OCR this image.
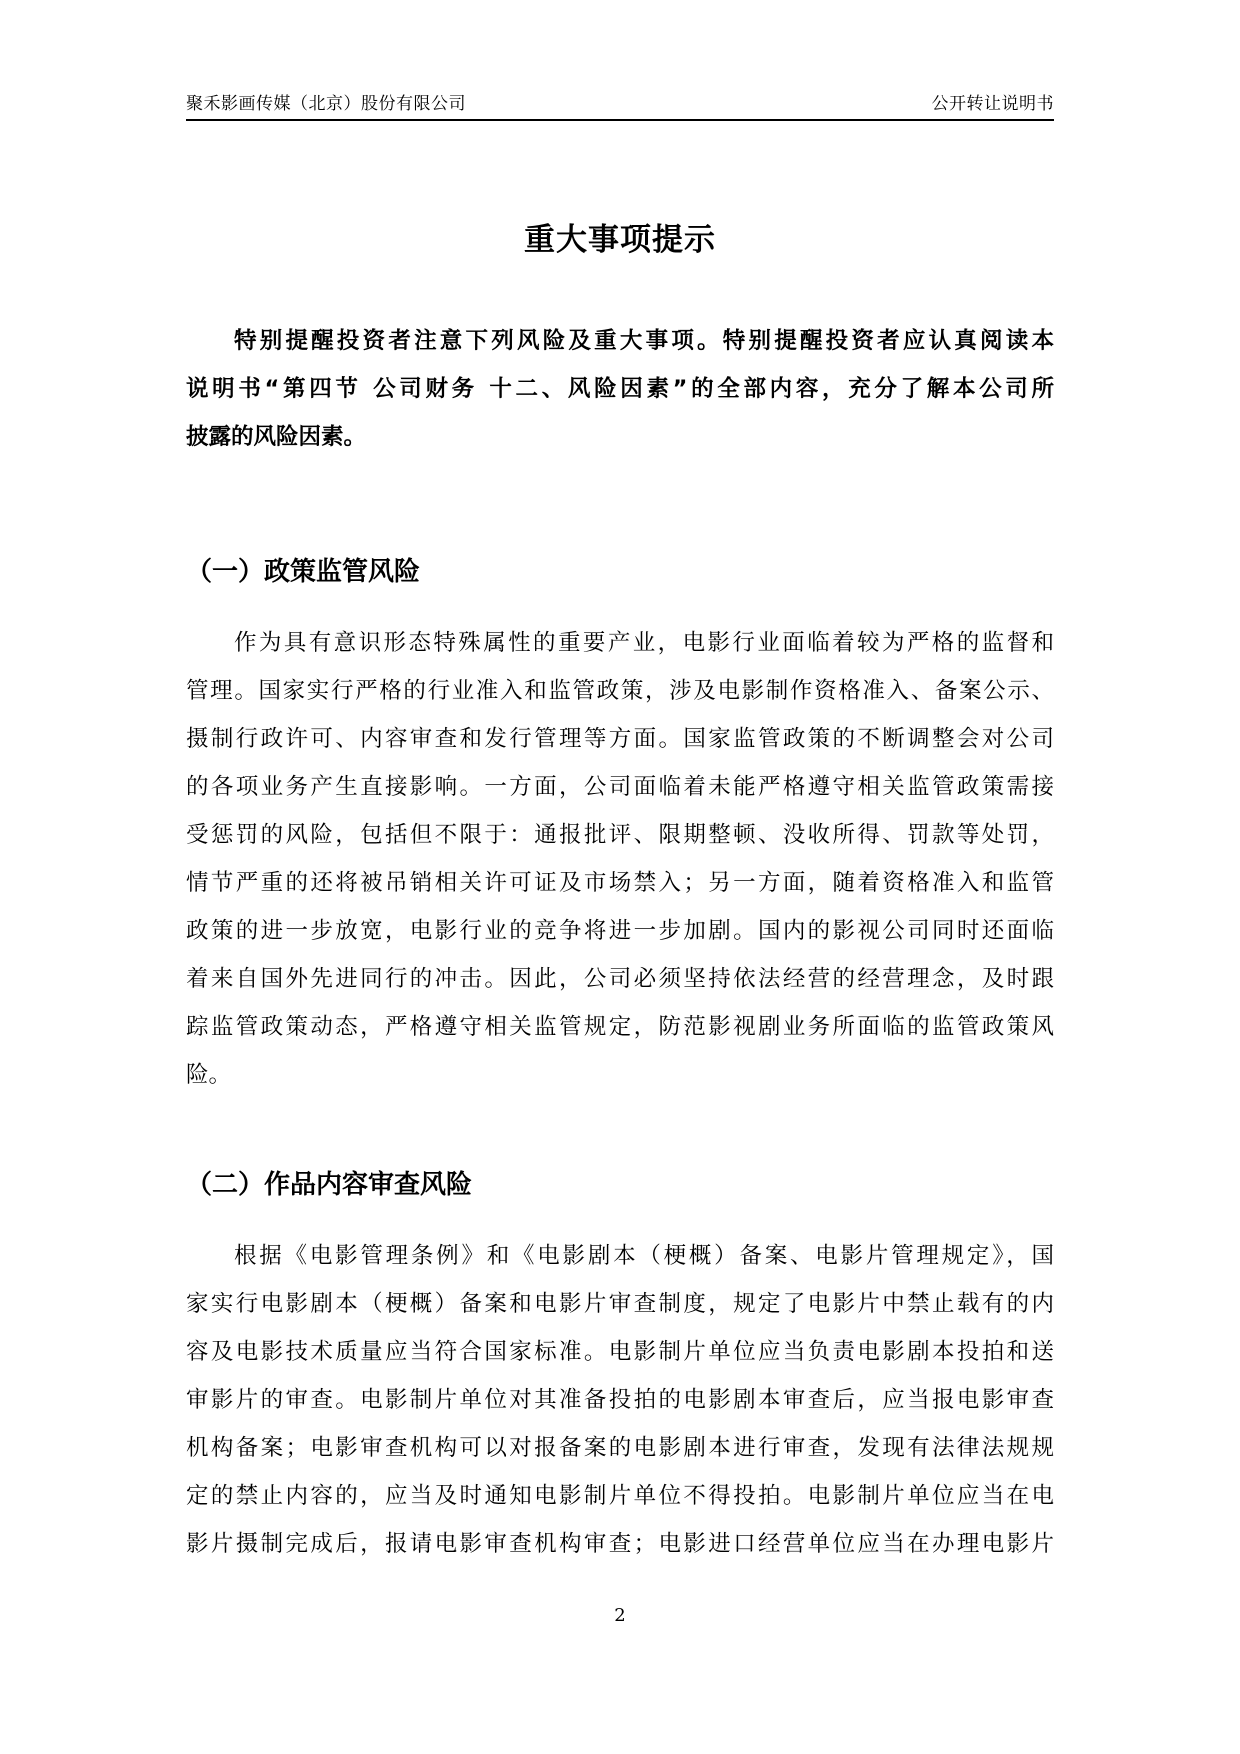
聚禾影画传媒（北京）股份有限公司	公开转让说明书
重大事项提示

特别提醒投资者注意下列风险及重大事项。特别提醒投资者应认真阅读本
说明书“第四节 公司财务 十二、风险因素”的全部内容，充分了解本公司所
披露的风险因素。

（一）政策监管风险

作为具有意识形态特殊属性的重要产业，电影行业面临着较为严格的监督和
管理。国家实行严格的行业准入和监管政策，涉及电影制作资格准入、备案公示、
摄制行政许可、内容审查和发行管理等方面。国家监管政策的不断调整会对公司
的各项业务产生直接影响。一方面，公司面临着未能严格遵守相关监管政策需接
受惩罚的风险，包括但不限于：通报批评、限期整顿、没收所得、罚款等处罚，
情节严重的还将被吊销相关许可证及市场禁入；另一方面，随着资格准入和监管
政策的进一步放宽，电影行业的竞争将进一步加剧。国内的影视公司同时还面临
着来自国外先进同行的冲击。因此，公司必须坚持依法经营的经营理念，及时跟
踪监管政策动态，严格遵守相关监管规定，防范影视剧业务所面临的监管政策风
险。

（二）作品内容审查风险

根据《电影管理条例》和《电影剧本（梗概）备案、电影片管理规定》，国
家实行电影剧本（梗概）备案和电影片审查制度，规定了电影片中禁止载有的内
容及电影技术质量应当符合国家标准。电影制片单位应当负责电影剧本投拍和送
审影片的审查。电影制片单位对其准备投拍的电影剧本审查后，应当报电影审查
机构备案；电影审查机构可以对报备案的电影剧本进行审查，发现有法律法规规
定的禁止内容的，应当及时通知电影制片单位不得投拍。电影制片单位应当在电
影片摄制完成后，报请电影审查机构审查；电影进口经营单位应当在办理电影片

2
